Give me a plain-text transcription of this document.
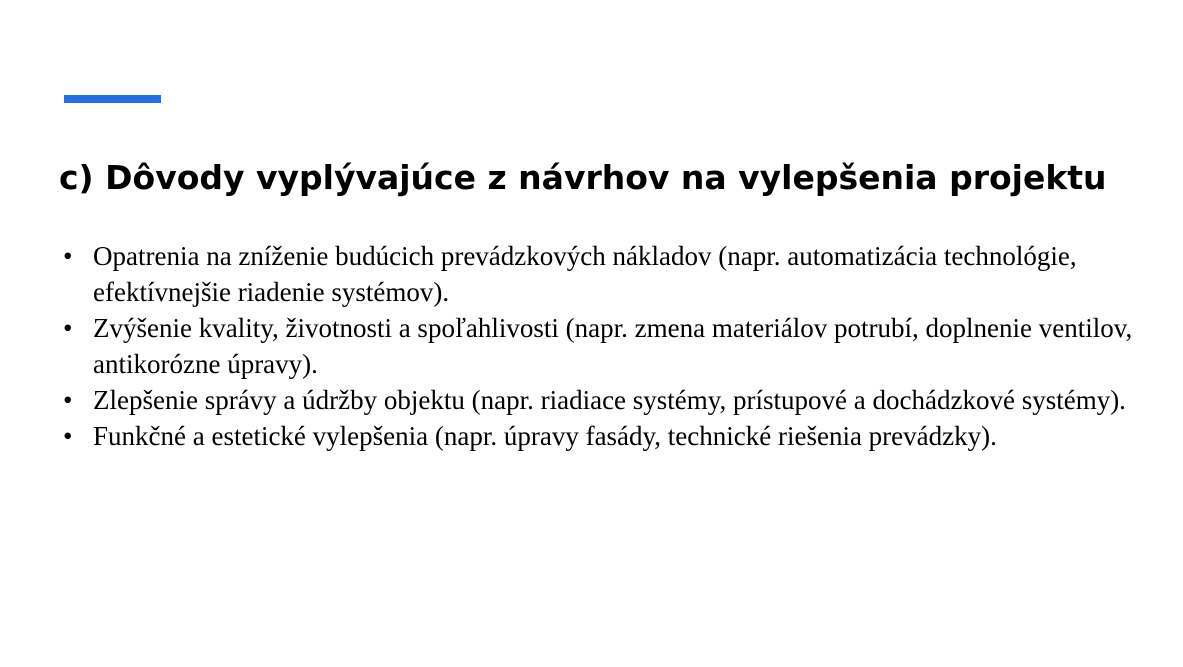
c) Dôvody vyplývajúce z návrhov na vylepšenia projektu
• Opatrenia na zníženie budúcich prevádzkových nákladov (napr. automatizácia technológie, efektívnejšie riadenie systémov).
• Zvýšenie kvality, životnosti a spoľahlivosti (napr. zmena materiálov potrubí, doplnenie ventilov, antikorózne úpravy).
• Zlepšenie správy a údržby objektu (napr. riadiace systémy, prístupové a dochádzkové systémy).
• Funkčné a estetické vylepšenia (napr. úpravy fasády, technické riešenia prevádzky).
